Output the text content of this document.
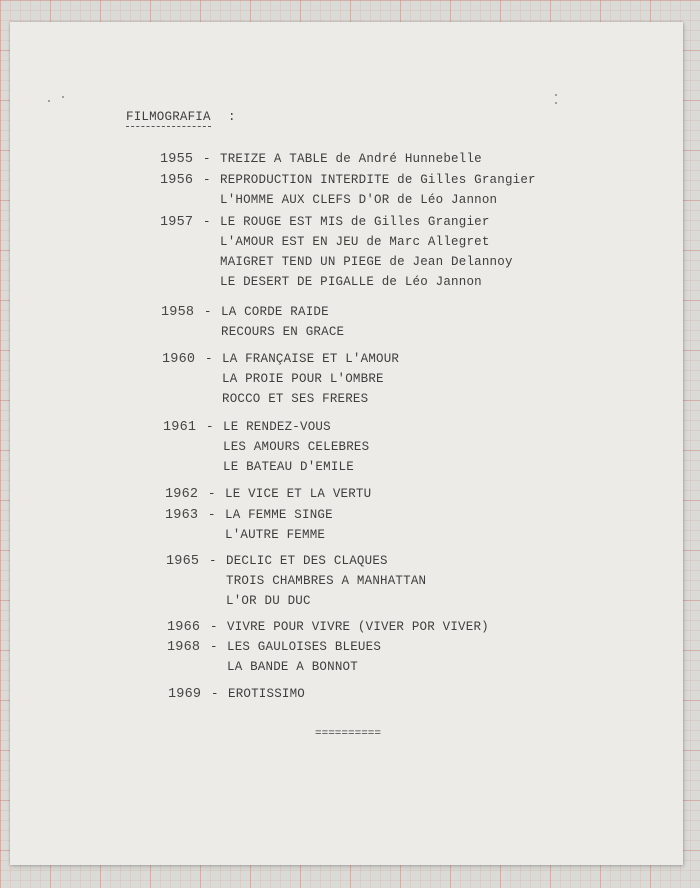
FILMOGRAFIA :
1955 - TREIZE A TABLE de André Hunnebelle
1956 - REPRODUCTION INTERDITE de Gilles Grangier
L'HOMME AUX CLEFS D'OR de Léo Jannon
1957 - LE ROUGE EST MIS de Gilles Grangier
L'AMOUR EST EN JEU de Marc Allegret
MAIGRET TEND UN PIEGE de Jean Delannoy
LE DESERT DE PIGALLE de Léo Jannon
1958 - LA CORDE RAIDE
RECOURS EN GRACE
1960 - LA FRANÇAISE ET L'AMOUR
LA PROIE POUR L'OMBRE
ROCCO ET SES FRERES
1961 - LE RENDEZ-VOUS
LES AMOURS CELEBRES
LE BATEAU D'EMILE
1962 - LE VICE ET LA VERTU
1963 - LA FEMME SINGE
L'AUTRE FEMME
1965 - DECLIC ET DES CLAQUES
TROIS CHAMBRES A MANHATTAN
L'OR DU DUC
1966 - VIVRE POUR VIVRE (VIVER POR VIVER)
1968 - LES GAULOISES BLEUES
LA BANDE A BONNOT
1969 - EROTISSIMO
==========
